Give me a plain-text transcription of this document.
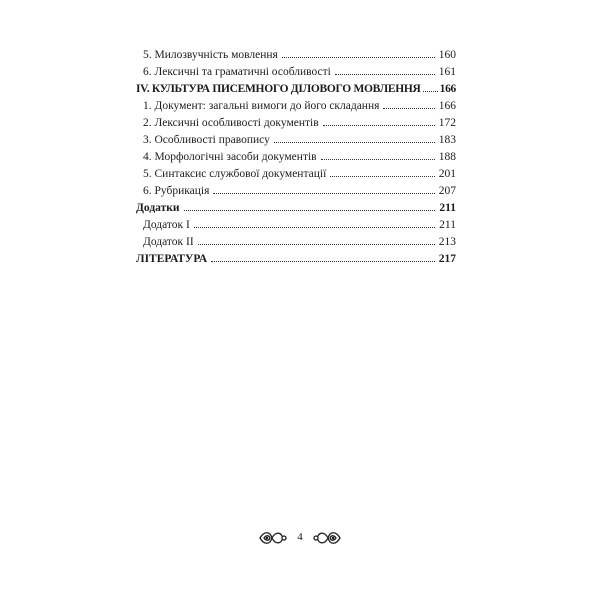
5. Милозвучність мовлення	160
6. Лексичні та граматичні особливості	161
IV. КУЛЬТУРА ПИСЕМНОГО ДІЛОВОГО МОВЛЕННЯ 166
1. Документ: загальні вимоги до його складання	166
2. Лексичні особливості документів	172
3. Особливості правопису	183
4. Морфологічні засоби документів	188
5. Синтаксис службової документації	201
6. Рубрикація	207
Додатки	211
Додаток I	211
Додаток II	213
ЛІТЕРАТУРА	217
4
